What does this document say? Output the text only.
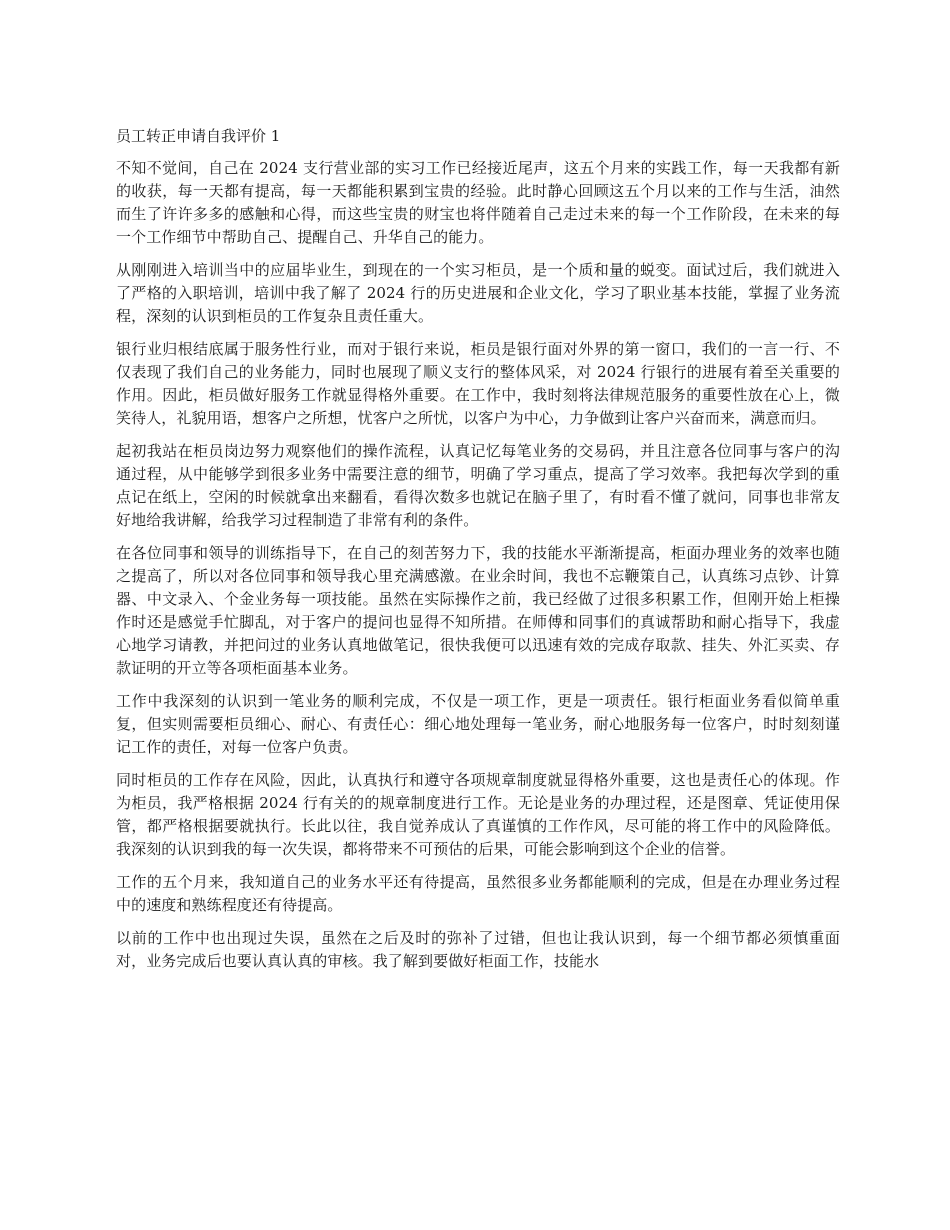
员工转正申请自我评价 1

不知不觉间，自己在 2024 支行营业部的实习工作已经接近尾声，这五个月来的实践工作，每一天我都有新的收获，每一天都有提高，每一天都能积累到宝贵的经验。此时静心回顾这五个月以来的工作与生活，油然而生了许许多多的感触和心得，而这些宝贵的财宝也将伴随着自己走过未来的每一个工作阶段，在未来的每一个工作细节中帮助自己、提醒自己、升华自己的能力。

从刚刚进入培训当中的应届毕业生，到现在的一个实习柜员，是一个质和量的蜕变。面试过后，我们就进入了严格的入职培训，培训中我了解了 2024 行的历史进展和企业文化，学习了职业基本技能，掌握了业务流程，深刻的认识到柜员的工作复杂且责任重大。

银行业归根结底属于服务性行业，而对于银行来说，柜员是银行面对外界的第一窗口，我们的一言一行、不仅表现了我们自己的业务能力，同时也展现了顺义支行的整体风采，对 2024 行银行的进展有着至关重要的作用。因此，柜员做好服务工作就显得格外重要。在工作中，我时刻将法律规范服务的重要性放在心上，微笑待人，礼貌用语，想客户之所想，忧客户之所忧，以客户为中心，力争做到让客户兴奋而来，满意而归。

起初我站在柜员岗边努力观察他们的操作流程，认真记忆每笔业务的交易码，并且注意各位同事与客户的沟通过程，从中能够学到很多业务中需要注意的细节，明确了学习重点，提高了学习效率。我把每次学到的重点记在纸上，空闲的时候就拿出来翻看，看得次数多也就记在脑子里了，有时看不懂了就问，同事也非常友好地给我讲解，给我学习过程制造了非常有利的条件。

在各位同事和领导的训练指导下，在自己的刻苦努力下，我的技能水平渐渐提高，柜面办理业务的效率也随之提高了，所以对各位同事和领导我心里充满感激。在业余时间，我也不忘鞭策自己，认真练习点钞、计算器、中文录入、个金业务每一项技能。虽然在实际操作之前，我已经做了过很多积累工作，但刚开始上柜操作时还是感觉手忙脚乱，对于客户的提问也显得不知所措。在师傅和同事们的真诚帮助和耐心指导下，我虚心地学习请教，并把问过的业务认真地做笔记，很快我便可以迅速有效的完成存取款、挂失、外汇买卖、存款证明的开立等各项柜面基本业务。

工作中我深刻的认识到一笔业务的顺利完成，不仅是一项工作，更是一项责任。银行柜面业务看似简单重复，但实则需要柜员细心、耐心、有责任心：细心地处理每一笔业务，耐心地服务每一位客户，时时刻刻谨记工作的责任，对每一位客户负责。

同时柜员的工作存在风险，因此，认真执行和遵守各项规章制度就显得格外重要，这也是责任心的体现。作为柜员，我严格根据 2024 行有关的的规章制度进行工作。无论是业务的办理过程，还是图章、凭证使用保管，都严格根据要就执行。长此以往，我自觉养成认了真谨慎的工作作风，尽可能的将工作中的风险降低。我深刻的认识到我的每一次失误，都将带来不可预估的后果，可能会影响到这个企业的信誉。

工作的五个月来，我知道自己的业务水平还有待提高，虽然很多业务都能顺利的完成，但是在办理业务过程中的速度和熟练程度还有待提高。

以前的工作中也出现过失误，虽然在之后及时的弥补了过错，但也让我认识到，每一个细节都必须慎重面对，业务完成后也要认真认真的审核。我了解到要做好柜面工作，技能水
